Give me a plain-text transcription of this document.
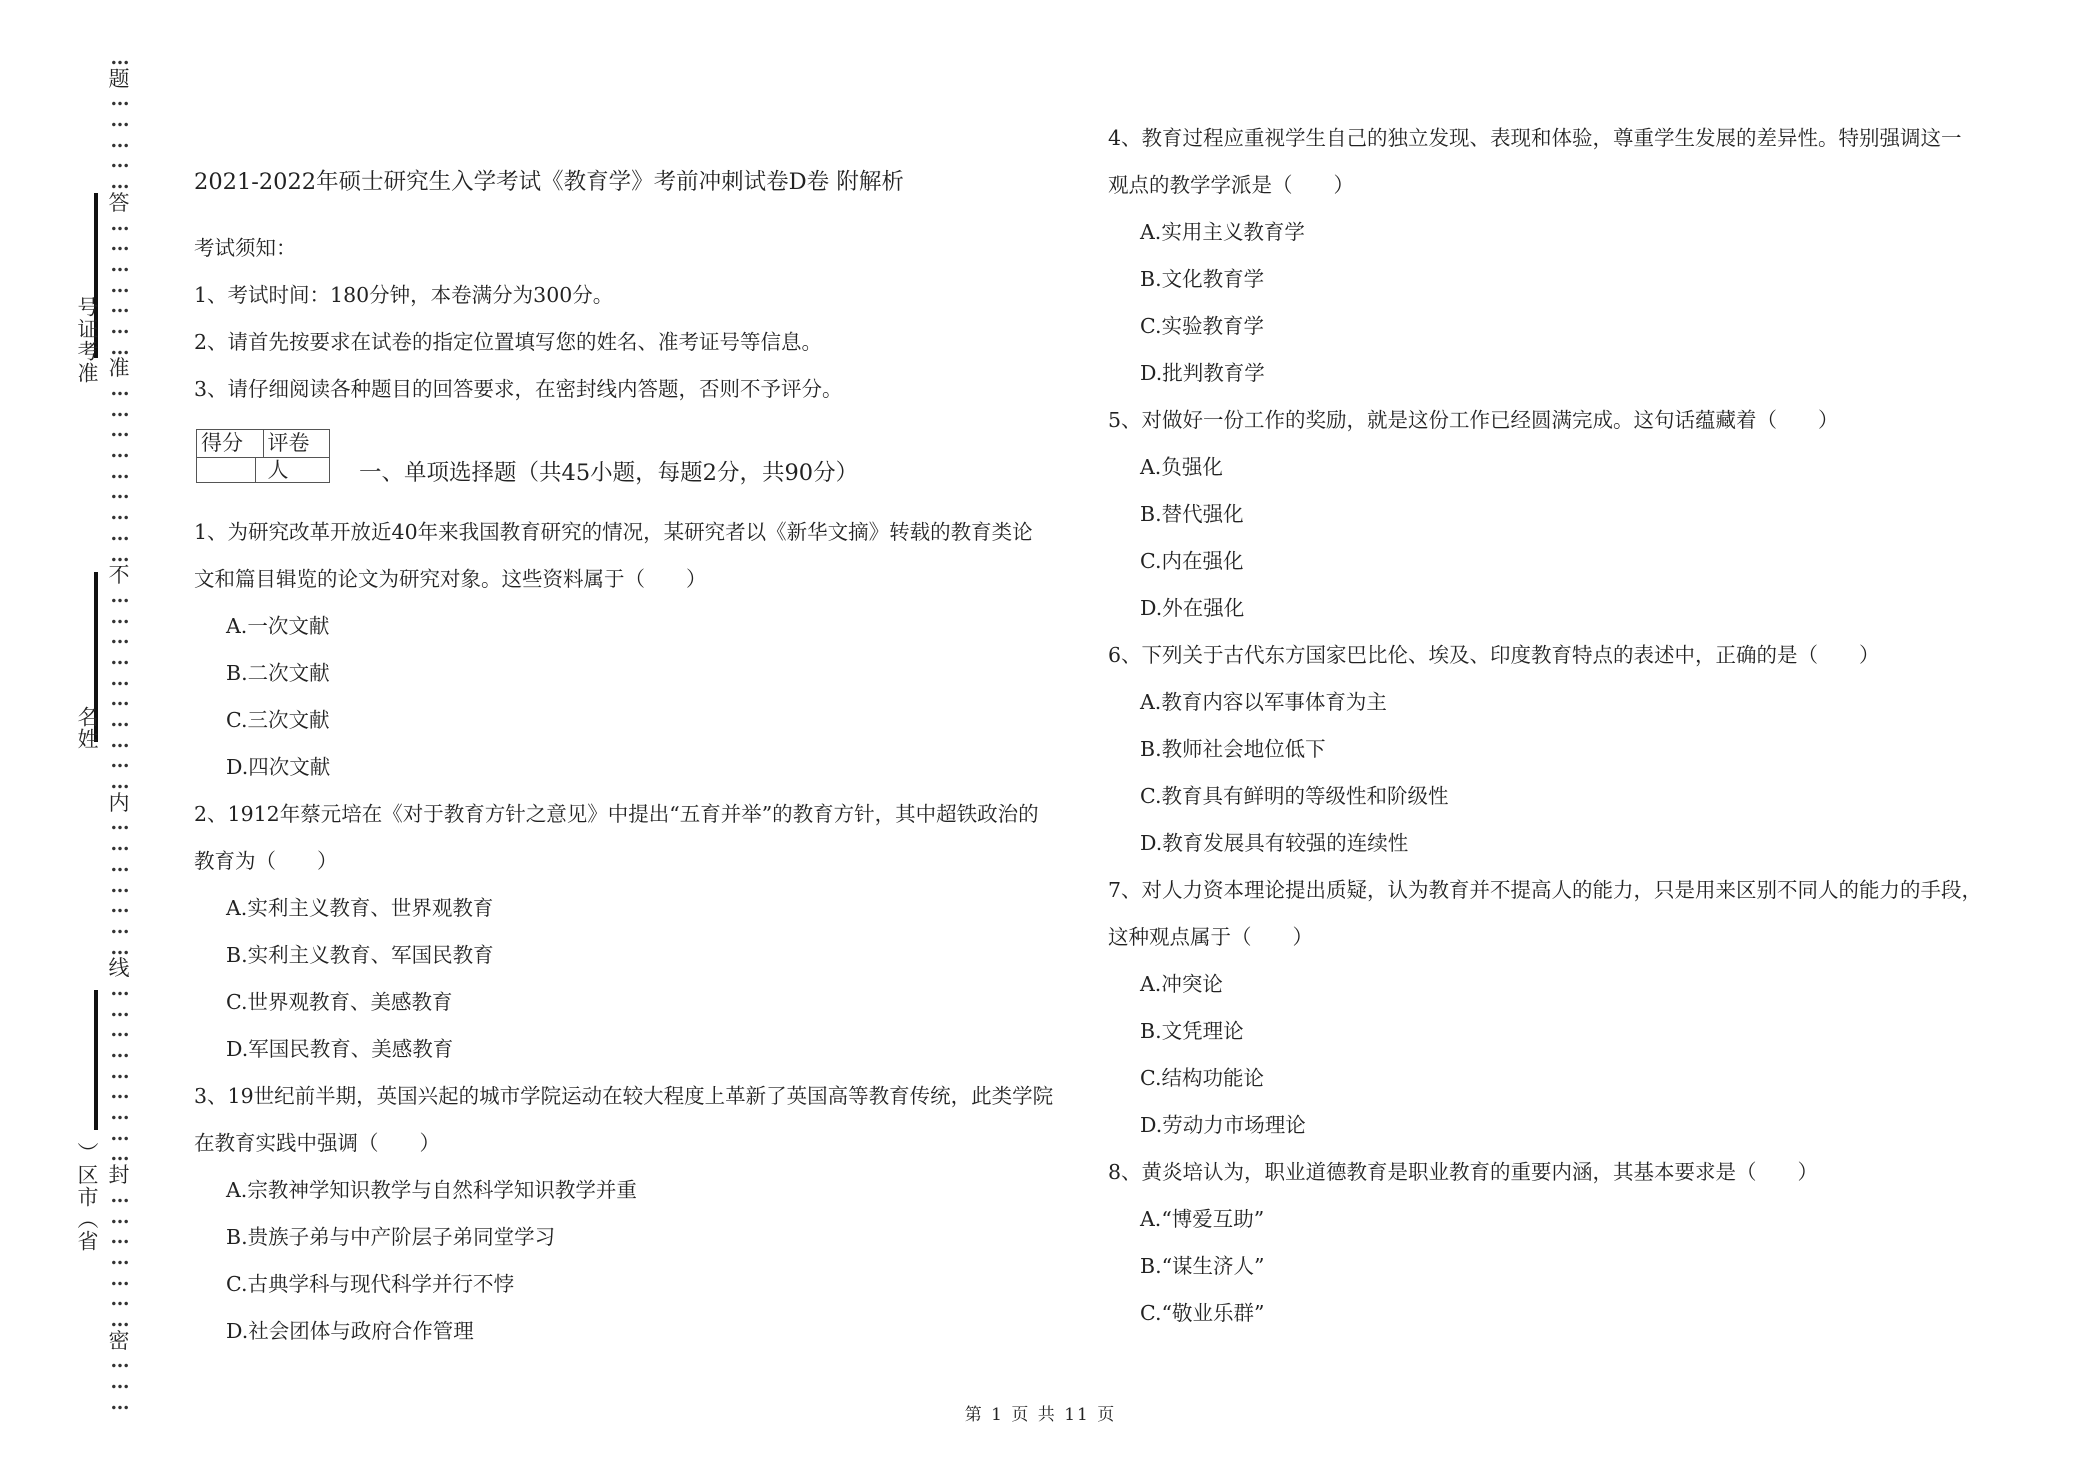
…
题
…
…
…
…
…
答
…
…
…
…
…
…
…
准
…
…
…
…
…
…
…
…
…
不
…
…
…
…
…
…
…
…
…
…
内
…
…
…
…
…
…
…
线
…
…
…
…
…
…
…
…
…
封
…
…
…
…
…
…
…
密
…
…
…
号证考准
名姓
）区市（省
2021-2022年硕士研究生入学考试《教育学》考前冲刺试卷D卷 附解析
考试须知：
1、考试时间：180分钟，本卷满分为300分。
2、请首先按要求在试卷的指定位置填写您的姓名、准考证号等信息。
3、请仔细阅读各种题目的回答要求，在密封线内答题，否则不予评分。
一、单项选择题（共45小题，每题2分，共90分）
1、为研究改革开放近40年来我国教育研究的情况，某研究者以《新华文摘》转载的教育类论
文和篇目辑览的论文为研究对象。这些资料属于（　　）
A.一次文献
B.二次文献
C.三次文献
D.四次文献
2、1912年蔡元培在《对于教育方针之意见》中提出“五育并举”的教育方针，其中超铁政治的
教育为（　　）
A.实利主义教育、世界观教育
B.实利主义教育、军国民教育
C.世界观教育、美感教育
D.军国民教育、美感教育
3、19世纪前半期，英国兴起的城市学院运动在较大程度上革新了英国高等教育传统，此类学院
在教育实践中强调（　　）
A.宗教神学知识教学与自然科学知识教学并重
B.贵族子弟与中产阶层子弟同堂学习
C.古典学科与现代科学并行不悖
D.社会团体与政府合作管理
得分	评卷人
4、教育过程应重视学生自己的独立发现、表现和体验，尊重学生发展的差异性。特别强调这一
观点的教学学派是（　　）
A.实用主义教育学
B.文化教育学
C.实验教育学
D.批判教育学
5、对做好一份工作的奖励，就是这份工作已经圆满完成。这句话蕴藏着（　　）
A.负强化
B.替代强化
C.内在强化
D.外在强化
6、下列关于古代东方国家巴比伦、埃及、印度教育特点的表述中，正确的是（　　）
A.教育内容以军事体育为主
B.教师社会地位低下
C.教育具有鲜明的等级性和阶级性
D.教育发展具有较强的连续性
7、对人力资本理论提出质疑，认为教育并不提高人的能力，只是用来区别不同人的能力的手段，
这种观点属于（　　）
A.冲突论
B.文凭理论
C.结构功能论
D.劳动力市场理论
8、黄炎培认为，职业道德教育是职业教育的重要内涵，其基本要求是（　　）
A.“博爱互助”
B.“谋生济人”
C.“敬业乐群”
第 1 页 共 11 页
